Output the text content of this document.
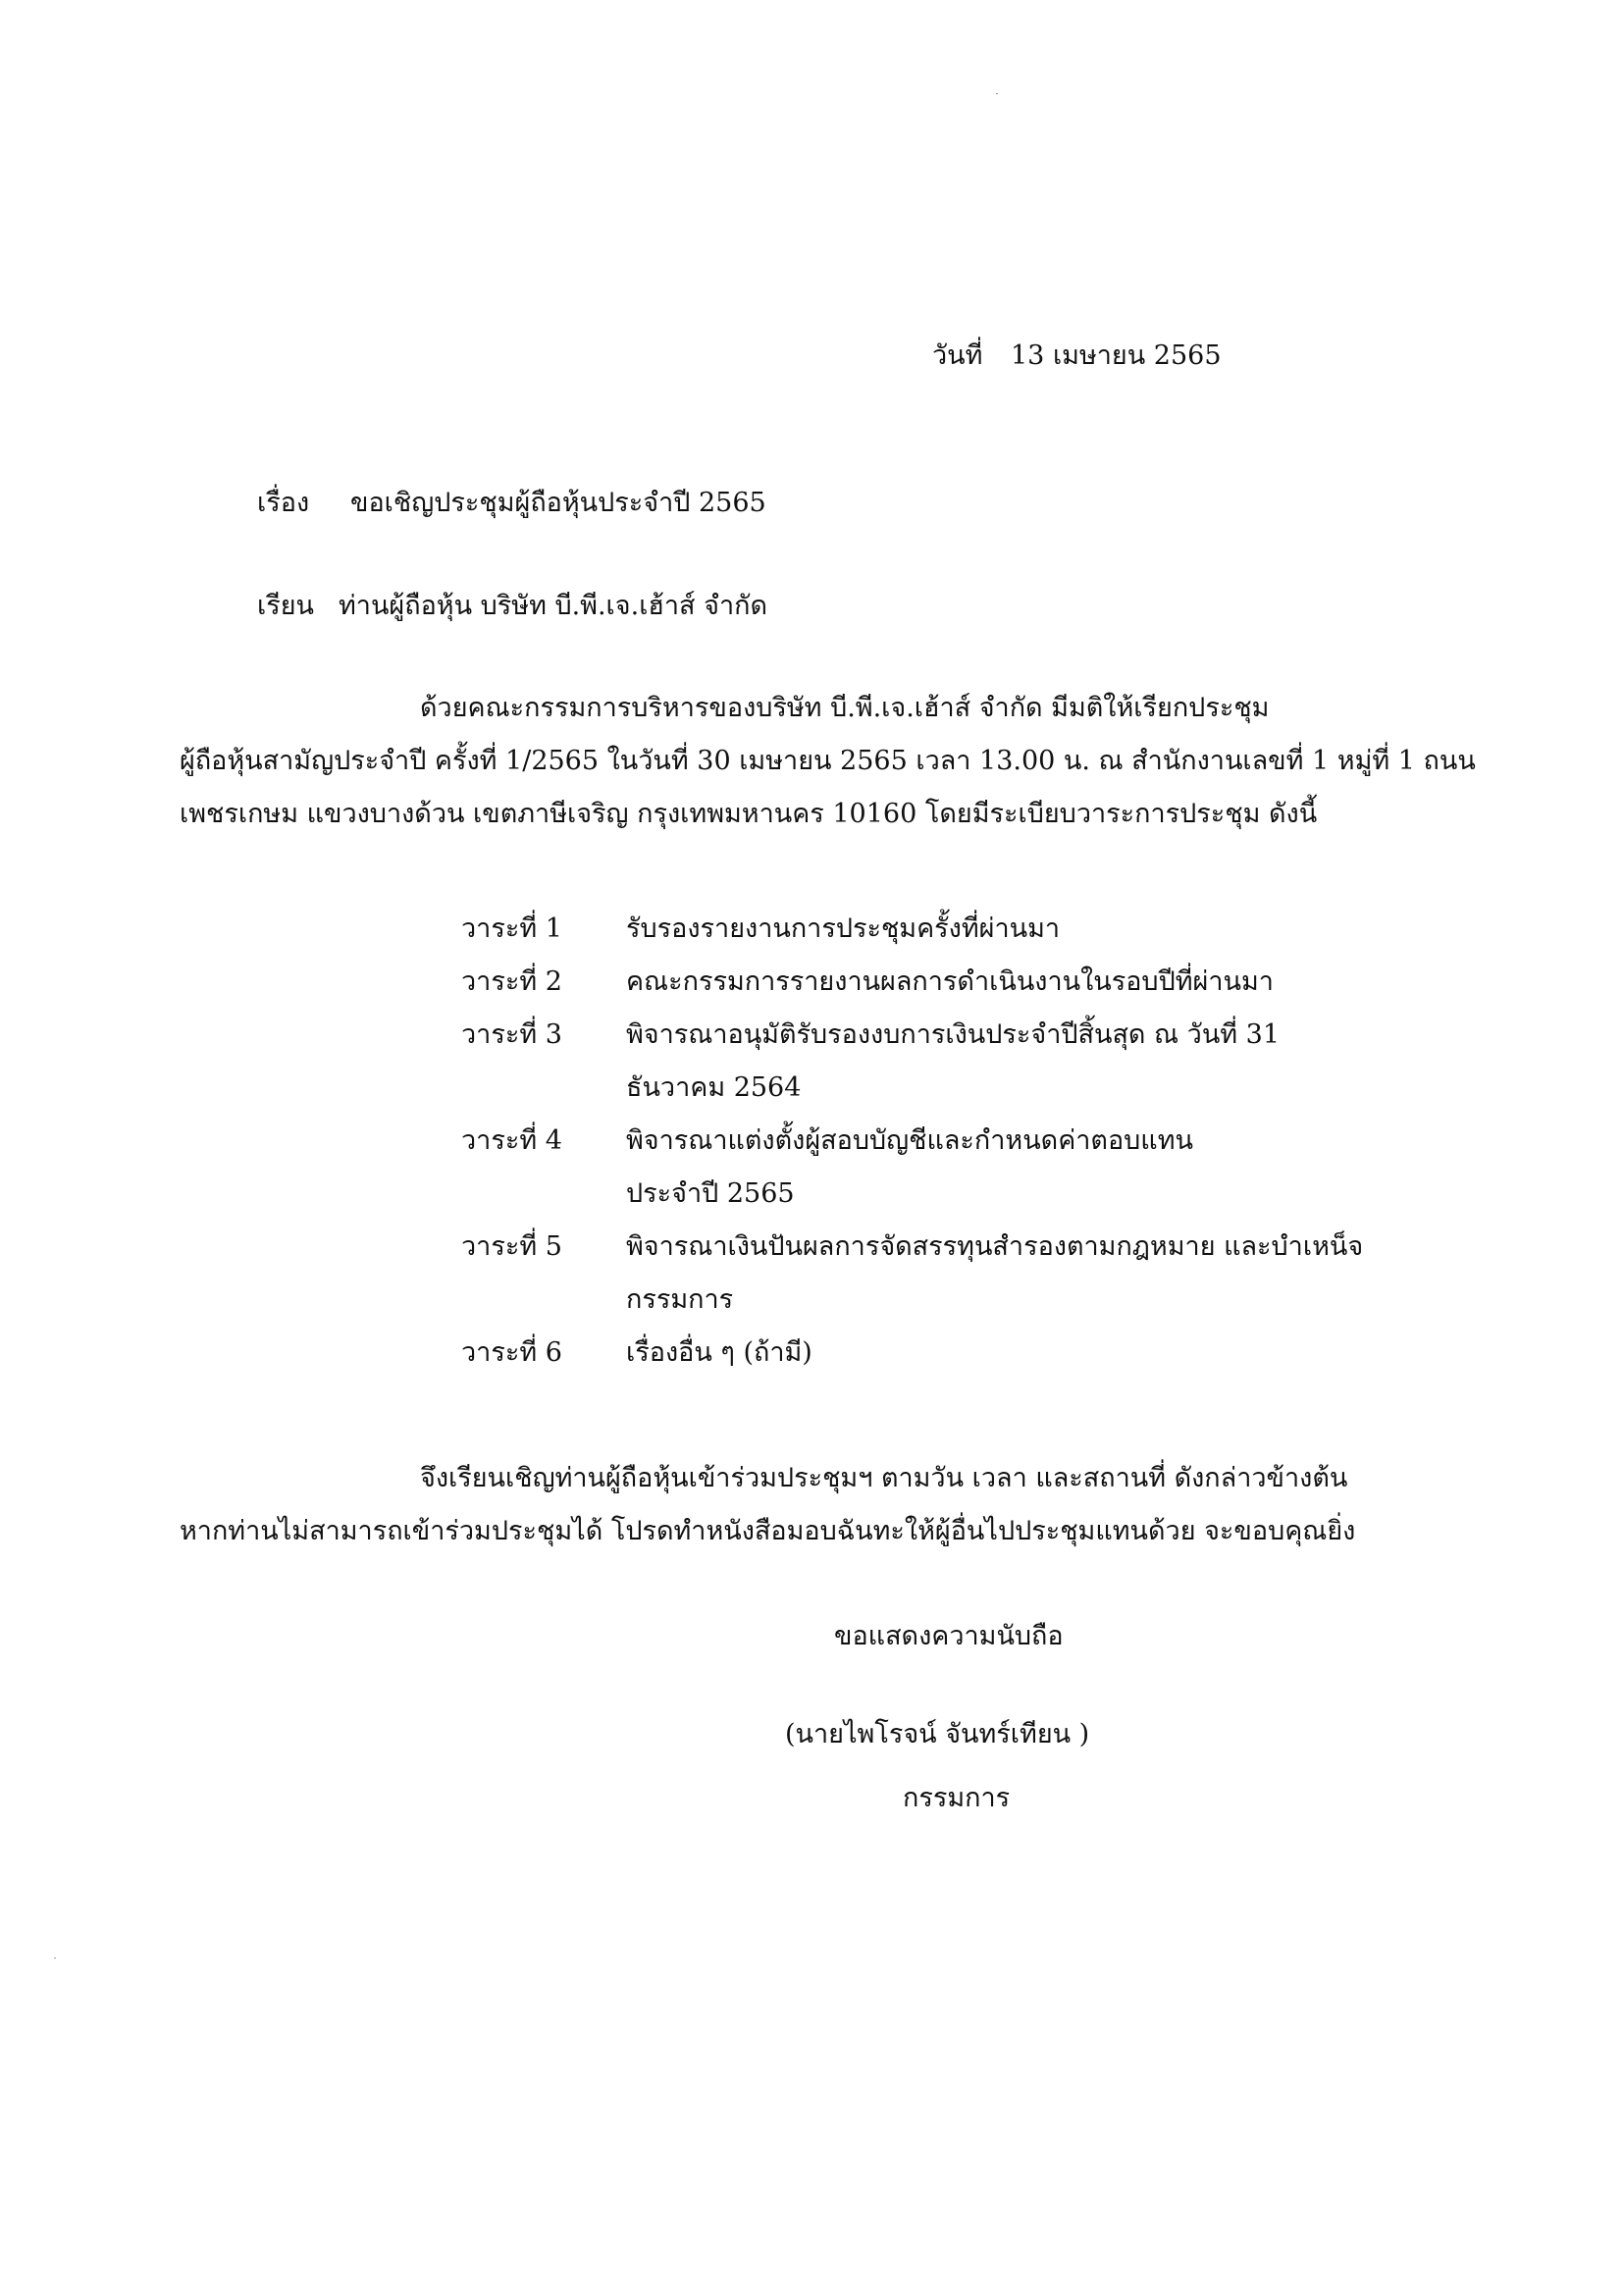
วันที่ 13 เมษายน 2565
เรื่อง ขอเชิญประชุมผู้ถือหุ้นประจำปี 2565
เรียน ท่านผู้ถือหุ้น บริษัท บี.พี.เจ.เฮ้าส์ จำกัด
ด้วยคณะกรรมการบริหารของบริษัท บี.พี.เจ.เฮ้าส์ จำกัด มีมติให้เรียกประชุม
ผู้ถือหุ้นสามัญประจำปี ครั้งที่ 1/2565 ในวันที่ 30 เมษายน 2565 เวลา 13.00 น. ณ สำนักงานเลขที่ 1 หมู่ที่ 1 ถนน
เพชรเกษม แขวงบางด้วน เขตภาษีเจริญ กรุงเทพมหานคร 10160 โดยมีระเบียบวาระการประชุม ดังนี้
วาระที่ 1	รับรองรายงานการประชุมครั้งที่ผ่านมา
วาระที่ 2	คณะกรรมการรายงานผลการดำเนินงานในรอบปีที่ผ่านมา
วาระที่ 3	พิจารณาอนุมัติรับรองงบการเงินประจำปีสิ้นสุด ณ วันที่ 31
ธันวาคม 2564
วาระที่ 4	พิจารณาแต่งตั้งผู้สอบบัญชีและกำหนดค่าตอบแทน
ประจำปี 2565
วาระที่ 5	พิจารณาเงินปันผลการจัดสรรทุนสำรองตามกฎหมาย และบำเหน็จ
กรรมการ
วาระที่ 6	เรื่องอื่น ๆ (ถ้ามี)
จึงเรียนเชิญท่านผู้ถือหุ้นเข้าร่วมประชุมฯ ตามวัน เวลา และสถานที่ ดังกล่าวข้างต้น
หากท่านไม่สามารถเข้าร่วมประชุมได้ โปรดทำหนังสือมอบฉันทะให้ผู้อื่นไปประชุมแทนด้วย จะขอบคุณยิ่ง
ขอแสดงความนับถือ
(นายไพโรจน์ จันทร์เทียน )
กรรมการ
